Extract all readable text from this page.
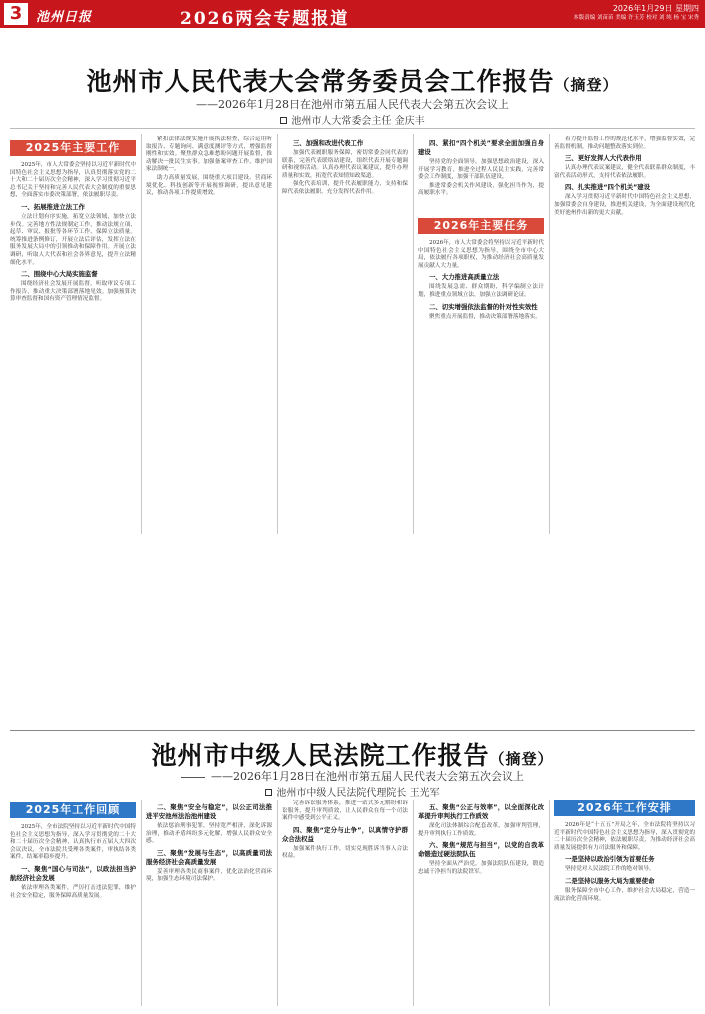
3	池州日报	2026两会专题报道
2026年1月29日 星期四
本版责编 刘苗苗 美编 许玉芳 校对 刘 纯 杨 宝 宋秀
池州市人民代表大会常务委员会工作报告（摘登）
——2026年1月28日在池州市第五届人民代表大会第五次会议上
池州市人大常委会主任 金庆丰
2025年主要工作

2025年，市人大常委会坚持以习近平新时代中国特色社会主义思想为指导，认真贯彻落实党的二十大和二十届历次全会精神，深入学习贯彻习近平总书记关于坚持和完善人民代表大会制度的重要思想，全面落实市委决策部署，依法履职尽责。

一、拓展推进立法工作

立法计划有序实施，拓宽立法领域，加快立法步伐。完善地方性法规制定工作，推动法规立项、起草、审议、报批等各环节工作，保障立法质量。统筹推进条例修订，开展立法后评估，发挥立法在服务发展大局中的引领推动和保障作用。开展立法调研，听取人大代表和社会各界意见，提升立法精细化水平。

二、围绕中心大局实施监督

围绕经济社会发展开展监督，听取审议专项工作报告，推动重大决策部署落地见效。加强预算决算审查监督和国有资产管理情况监督。

紧扣法律法规实施开展执法检查，综合运用听取报告、专题询问、满意度测评等方式，增强监督刚性和实效。聚焦群众急难愁盼问题开展监督，推动解决一批民生实事。加强备案审查工作，维护国家法制统一。

助力高质量发展，围绕重大项目建设、营商环境优化、科技创新等开展视察调研，提出意见建议，推动各项工作提质增效。

三、加强和改进代表工作

加强代表履职服务保障，密切常委会同代表的联系，完善代表联络站建设，组织代表开展专题调研和视察活动。认真办理代表议案建议，提升办理质量和实效，拓宽代表知情知政渠道。

强化代表培训，提升代表履职能力，支持和保障代表依法履职，充分发挥代表作用。

四、紧扣“四个机关”要求全面加强自身建设

坚持党的全面领导，加强思想政治建设，深入开展学习教育，推进全过程人民民主实践，完善常委会工作制度，加强干部队伍建设。

推进常委会机关作风建设，强化担当作为，提高履职水平。

2026年主要任务

2026年，市人大常委会将坚持以习近平新时代中国特色社会主义思想为指导，围绕全市中心大局，依法履行各项职权，为推动经济社会高质量发展贡献人大力量。

一、大力推进高质量立法

围绕发展急需、群众期盼，科学编制立法计划，推进重点领域立法，加强立法调研论证。

二、切实增强依法监督的针对性实效性

聚焦重点开展监督，推动决策部署落地落实。

着力提升监督工作的规范化水平，增强监督实效，完善监督机制，推动问题整改落实到位。

三、更好发挥人大代表作用

认真办理代表议案建议，健全代表联系群众制度，丰富代表活动形式，支持代表依法履职。

四、扎实推进“四个机关”建设

深入学习贯彻习近平新时代中国特色社会主义思想，加强常委会自身建设，推进机关建设，为全面建设现代化美好池州作出新的更大贡献。

池州市中级人民法院工作报告（摘登）
——2026年1月28日在池州市第五届人民代表大会第五次会议上
池州市中级人民法院代理院长 王光军
2025年工作回顾

2025年，全市法院坚持以习近平新时代中国特色社会主义思想为指导，深入学习贯彻党的二十大和二十届历次全会精神，认真执行市五届人大四次会议决议，全市法院共受理各类案件，审执结各类案件，结案率稳步提升。

一、聚焦“国心与司法”，以政法担当护航经济社会发展

依法审理各类案件，严厉打击违法犯罪，维护社会安全稳定，服务保障高质量发展。

二、聚焦“安全与稳定”，以公正司法推进平安池州法治池州建设

依法惩治刑事犯罪，坚持宽严相济，深化诉源治理，推动矛盾纠纷多元化解，增强人民群众安全感。

三、聚焦“发展与生态”，以高质量司法服务经济社会高质量发展

妥善审理各类民商事案件，优化法治化营商环境，加强生态环境司法保护。

完善诉讼服务体系，推进一站式多元解纷和诉讼服务，提升审判质效，让人民群众在每一个司法案件中感受到公平正义。

四、聚焦“定分与止争”，以真情守护群众合法权益

加强案件执行工作，切实兑现胜诉当事人合法权益。

五、聚焦“公正与效率”，以全面深化改革提升审判执行工作质效

深化司法体制综合配套改革，加强审判管理，提升审判执行工作质效。

六、聚焦“规范与担当”，以党的自我革命锻造过硬法院队伍

坚持全面从严治党，加强法院队伍建设，锻造忠诚干净担当的法院铁军。

2026年工作安排

2026年是“十五五”开局之年，全市法院将坚持以习近平新时代中国特色社会主义思想为指导，深入贯彻党的二十届历次全会精神，依法履职尽责，为推动经济社会高质量发展提供有力司法服务和保障。

一是坚持以政治引领为首要任务

坚持党对人民法院工作的绝对领导。

二是坚持以服务大局为重要使命

服务保障全市中心工作，维护社会大局稳定，营造一流法治化营商环境。
